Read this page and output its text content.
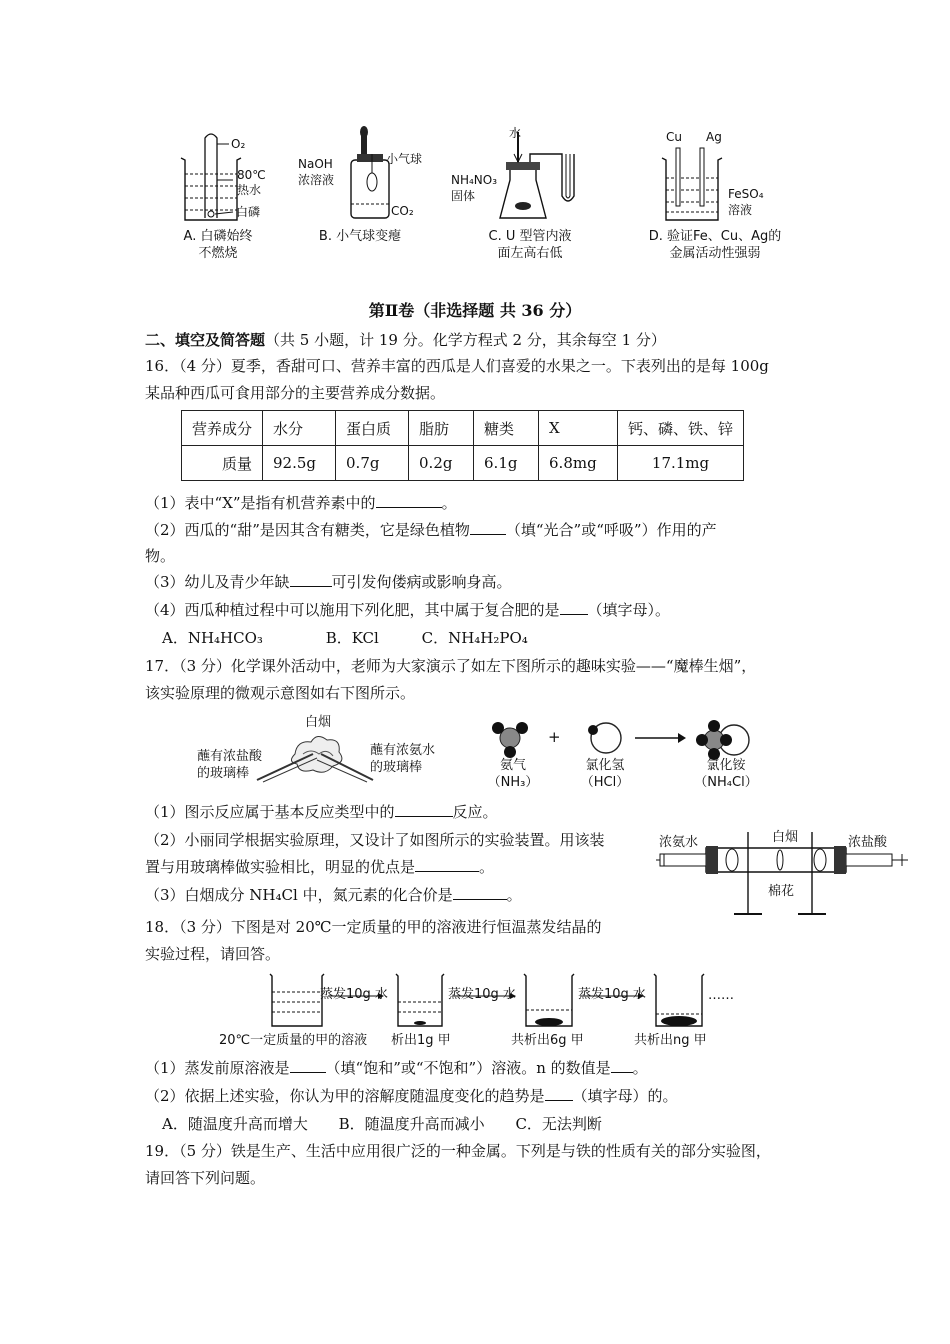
O₂
80℃
热水
白磷
A. 白磷始终
不燃烧
NaOH
浓溶液
小气球
CO₂
B. 小气球变瘪
水
NH₄NO₃
固体
C. U 型管内液
面左高右低
Cu Ag
FeSO₄
溶液
D. 验证Fe、Cu、Ag的
金属活动性强弱
第Ⅱ卷（非选择题 共 36 分）
二、填空及简答题（共 5 小题，计 19 分。化学方程式 2 分，其余每空 1 分）
16．（4 分）夏季，香甜可口、营养丰富的西瓜是人们喜爱的水果之一。下表列出的是每 100g
某品种西瓜可食用部分的主要营养成分数据。
营养成分	水分	蛋白质	脂肪	糖类	X	钙、磷、铁、锌
质量	92.5g	0.7g	0.2g	6.1g	6.8mg	17.1mg
（1）表中“X”是指有机营养素中的	。
（2）西瓜的“甜”是因其含有糖类，它是绿色植物 （填“光合”或“呼吸”）作用的产
物。
（3）幼儿及青少年缺	可引发佝偻病或影响身高。
（4）西瓜种植过程中可以施用下列化肥，其中属于复合肥的是 （填字母）。
A．NH₄HCO₃	B．KCl	C．NH₄H₂PO₄
17．（3 分）化学课外活动中，老师为大家演示了如左下图所示的趣味实验——“魔棒生烟”，
该实验原理的微观示意图如右下图所示。
白烟
蘸有浓盐酸
的玻璃棒
蘸有浓氨水
的玻璃棒
+
氨气
（NH₃）
氯化氢
（HCl）
氯化铵
（NH₄Cl）
（1）图示反应属于基本反应类型中的	反应。
（2）小丽同学根据实验原理，又设计了如图所示的实验装置。用该装
置与用玻璃棒做实验相比，明显的优点是	。
（3）白烟成分 NH₄Cl 中，氮元素的化合价是	。
浓氨水	白烟	浓盐酸
棉花
18．（3 分）下图是对 20℃一定质量的甲的溶液进行恒温蒸发结晶的
实验过程，请回答。
蒸发10g 水	蒸发10g 水	蒸发10g 水	……
20℃一定质量的甲的溶液 析出1g 甲	共析出6g 甲	共析出ng 甲
（1）蒸发前原溶液是 （填“饱和”或“不饱和”）溶液。n 的数值是 。
（2）依据上述实验，你认为甲的溶解度随温度变化的趋势是 （填字母）的。
A．随温度升高而增大 B．随温度升高而减小 C．无法判断
19．（5 分）铁是生产、生活中应用很广泛的一种金属。下列是与铁的性质有关的部分实验图，
请回答下列问题。
